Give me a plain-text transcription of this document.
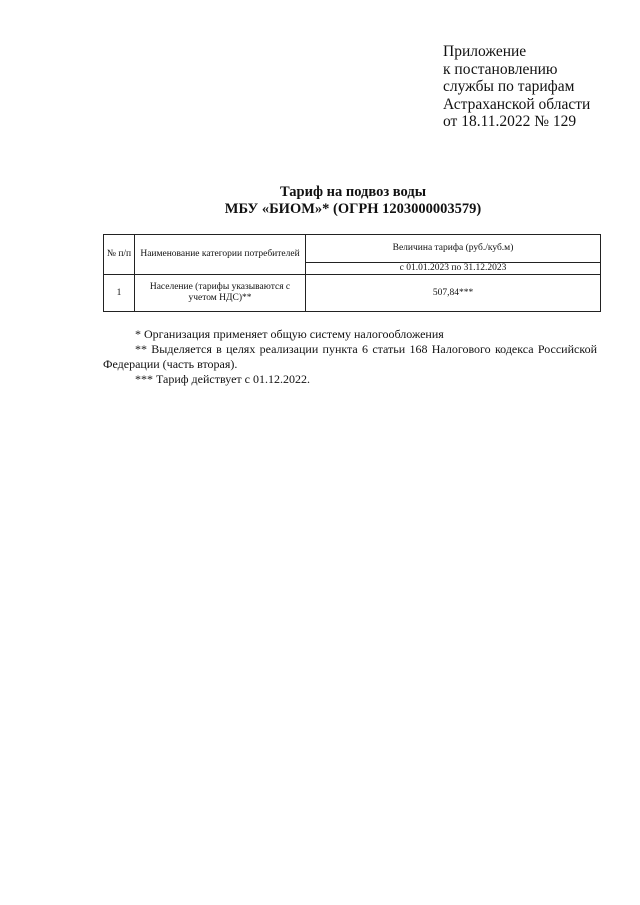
Приложение
к постановлению
службы по тарифам
Астраханской области
от 18.11.2022 № 129
Тариф на подвоз воды
МБУ «БИОМ»* (ОГРН 1203000003579)
№ п/п	Наименование категории потребителей	Величина тарифа (руб./куб.м)
		с 01.01.2023 по 31.12.2023
1	Население (тарифы указываются с учетом НДС)**	507,84***
* Организация применяет общую систему налогообложения
** Выделяется в целях реализации пункта 6 статьи 168 Налогового кодекса Российской Федерации (часть вторая).
*** Тариф действует с 01.12.2022.
